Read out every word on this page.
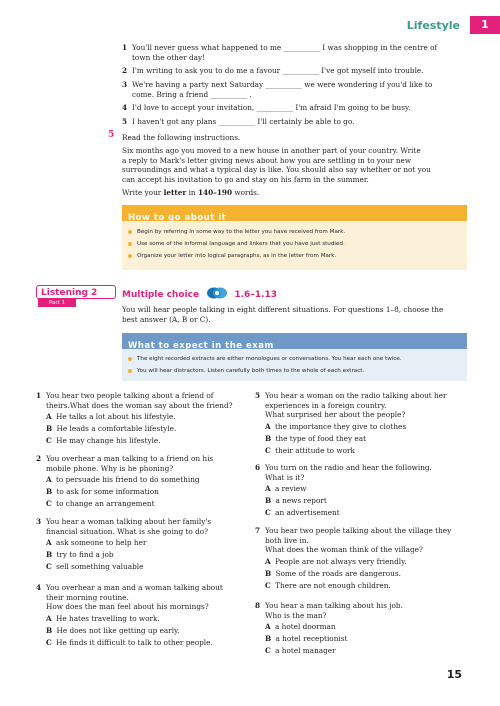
Lifestyle	1
1 You'll never guess what happened to me __________ I was shopping in the centre of
town the other day!
2 I'm writing to ask you to do me a favour __________ I've got myself into trouble.
3 We're having a party next Saturday __________ we were wondering if you'd like to
come. Bring a friend __________ .
4 I'd love to accept your invitation, __________ I'm afraid I'm going to be busy.
5 I haven't got any plans __________ I'll certainly be able to go.
5 Read the following instructions.
Six months ago you moved to a new house in another part of your country. Write
a reply to Mark's letter giving news about how you are settling in to your new
surroundings and what a typical day is like. You should also say whether or not you
can accept his invitation to go and stay on his farm in the summer.
Write your letter in 140–190 words.
How to go about it
Begin by referring in some way to the letter you have received from Mark.
Use some of the informal language and linkers that you have just studied.
Organize your letter into logical paragraphs, as in the letter from Mark.
Listening 2
Part 1
Multiple choice	1.6–1.13
You will hear people talking in eight different situations. For questions 1–8, choose the
best answer (A, B or C).
What to expect in the exam
The eight recorded extracts are either monologues or conversations. You hear each one twice.
You will hear distractors. Listen carefully both times to the whole of each extract.
1 You hear two people talking about a friend of
theirs.What does the woman say about the friend?
A He talks a lot about his lifestyle.
B He leads a comfortable lifestyle.
C He may change his lifestyle.
2 You overhear a man talking to a friend on his
mobile phone. Why is he phoning?
A to persuade his friend to do something
B to ask for some information
C to change an arrangement
3 You hear a woman talking about her family's
financial situation. What is she going to do?
A ask someone to help her
B try to find a job
C sell something valuable
4 You overhear a man and a woman talking about
their morning routine.
How does the man feel about his mornings?
A He hates travelling to work.
B He does not like getting up early.
C He finds it difficult to talk to other people.
5 You hear a woman on the radio talking about her
experiences in a foreign country.
What surprised her about the people?
A the importance they give to clothes
B the type of food they eat
C their attitude to work
6 You turn on the radio and hear the following.
What is it?
A a review
B a news report
C an advertisement
7 You hear two people talking about the village they
both live in.
What does the woman think of the village?
A People are not always very friendly.
B Some of the roads are dangerous.
C There are not enough children.
8 You hear a man talking about his job.
Who is the man?
A a hotel doorman
B a hotel receptionist
C a hotel manager
15
